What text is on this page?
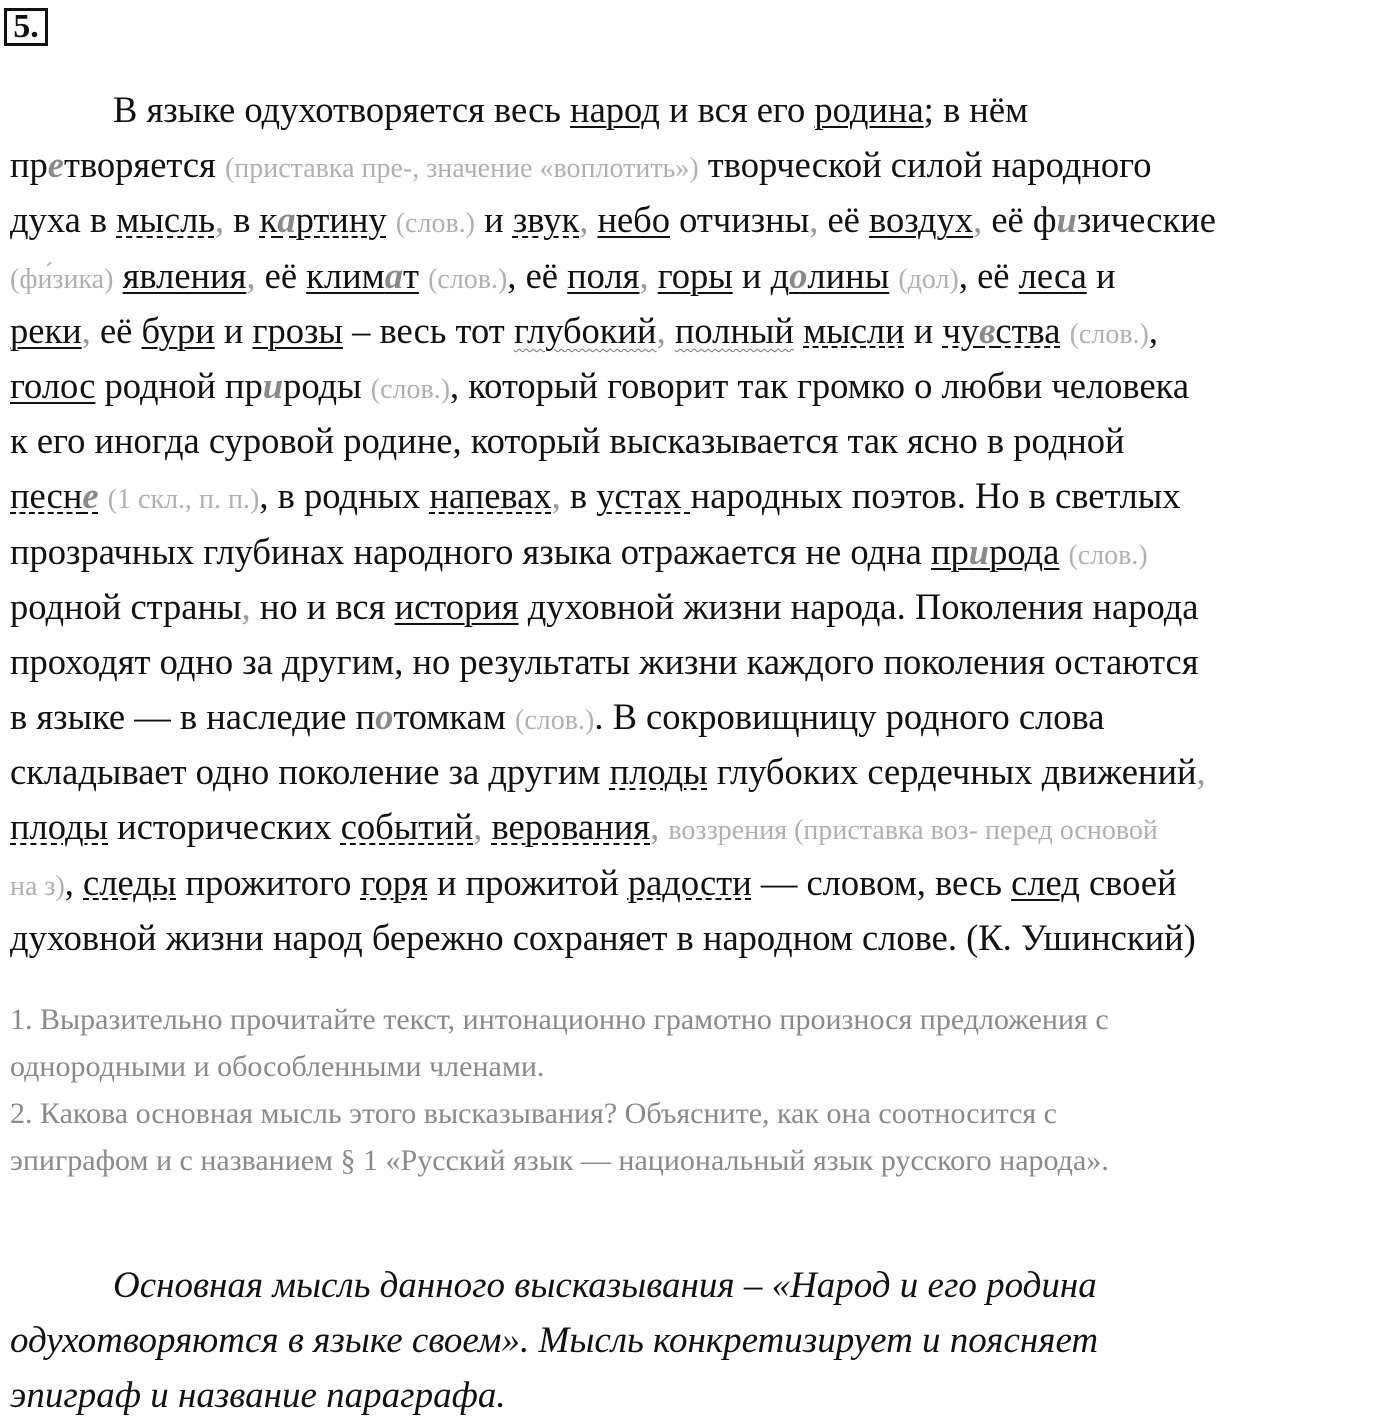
5.
В языке одухотворяется весь народ и вся его родина; в нём
претворяется (приставка пре-, значение «воплотить») творческой силой народного
духа в мысль, в картину (слов.) и звук, небо отчизны, её воздух, её физические
(фи́зика) явления, её климат (слов.), её поля, горы и долины (дол), её леса и
реки, её бури и грозы – весь тот глубокий, полный мысли и чувства (слов.),
голос родной природы (слов.), который говорит так громко о любви человека
к его иногда суровой родине, который высказывается так ясно в родной
песне (1 скл., п. п.), в родных напевах, в устах народных поэтов. Но в светлых
прозрачных глубинах народного языка отражается не одна природа (слов.)
родной страны, но и вся история духовной жизни народа. Поколения народа
проходят одно за другим, но результаты жизни каждого поколения остаются
в языке — в наследие потомкам (слов.). В сокровищницу родного слова
складывает одно поколение за другим плоды глубоких сердечных движений,
плоды исторических событий, верования, воззрения (приставка воз- перед основой
на з), следы прожитого горя и прожитой радости — словом, весь след своей
духовной жизни народ бережно сохраняет в народном слове. (К. Ушинский)
1. Выразительно прочитайте текст, интонационно грамотно произнося предложения с
однородными и обособленными членами.
2. Какова основная мысль этого высказывания? Объясните, как она соотносится с
эпиграфом и с названием § 1 «Русский язык — национальный язык русского народа».
Основная мысль данного высказывания – «Народ и его родина
одухотворяются в языке своем». Мысль конкретизирует и поясняет
эпиграф и название параграфа.
